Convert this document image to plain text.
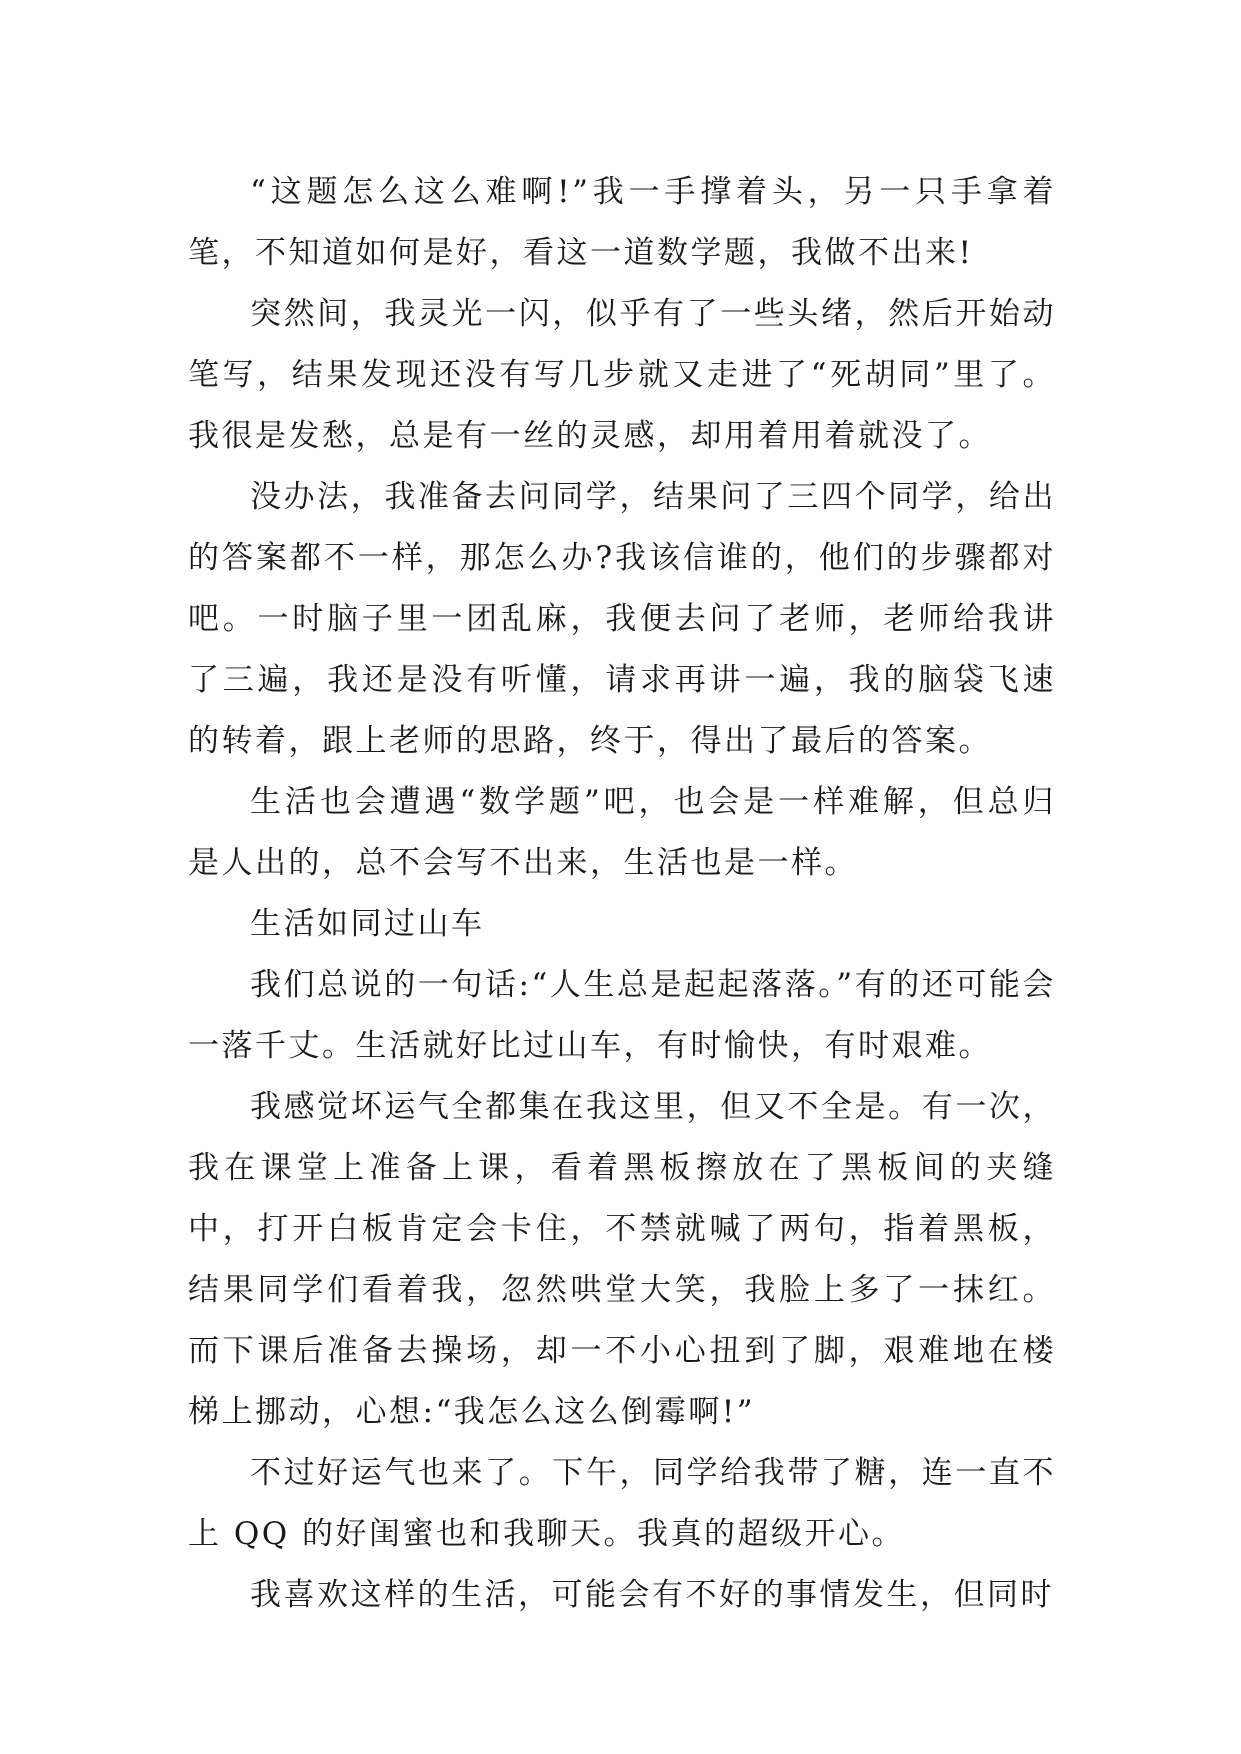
“这题怎么这么难啊!”我一手撑着头，另一只手拿着笔，不知道如何是好，看这一道数学题，我做不出来!

突然间，我灵光一闪，似乎有了一些头绪，然后开始动笔写，结果发现还没有写几步就又走进了“死胡同”里了。我很是发愁，总是有一丝的灵感，却用着用着就没了。

没办法，我准备去问同学，结果问了三四个同学，给出的答案都不一样，那怎么办?我该信谁的，他们的步骤都对吧。一时脑子里一团乱麻，我便去问了老师，老师给我讲了三遍，我还是没有听懂，请求再讲一遍，我的脑袋飞速的转着，跟上老师的思路，终于，得出了最后的答案。

生活也会遭遇“数学题”吧，也会是一样难解，但总归是人出的，总不会写不出来，生活也是一样。

生活如同过山车

我们总说的一句话:“人生总是起起落落。”有的还可能会一落千丈。生活就好比过山车，有时愉快，有时艰难。

我感觉坏运气全都集在我这里，但又不全是。有一次，我在课堂上准备上课，看着黑板擦放在了黑板间的夹缝中，打开白板肯定会卡住，不禁就喊了两句，指着黑板，结果同学们看着我，忽然哄堂大笑，我脸上多了一抹红。而下课后准备去操场，却一不小心扭到了脚，艰难地在楼梯上挪动，心想:“我怎么这么倒霉啊!”

不过好运气也来了。下午，同学给我带了糖，连一直不上 QQ 的好闺蜜也和我聊天。我真的超级开心。

我喜欢这样的生活，可能会有不好的事情发生，但同时
